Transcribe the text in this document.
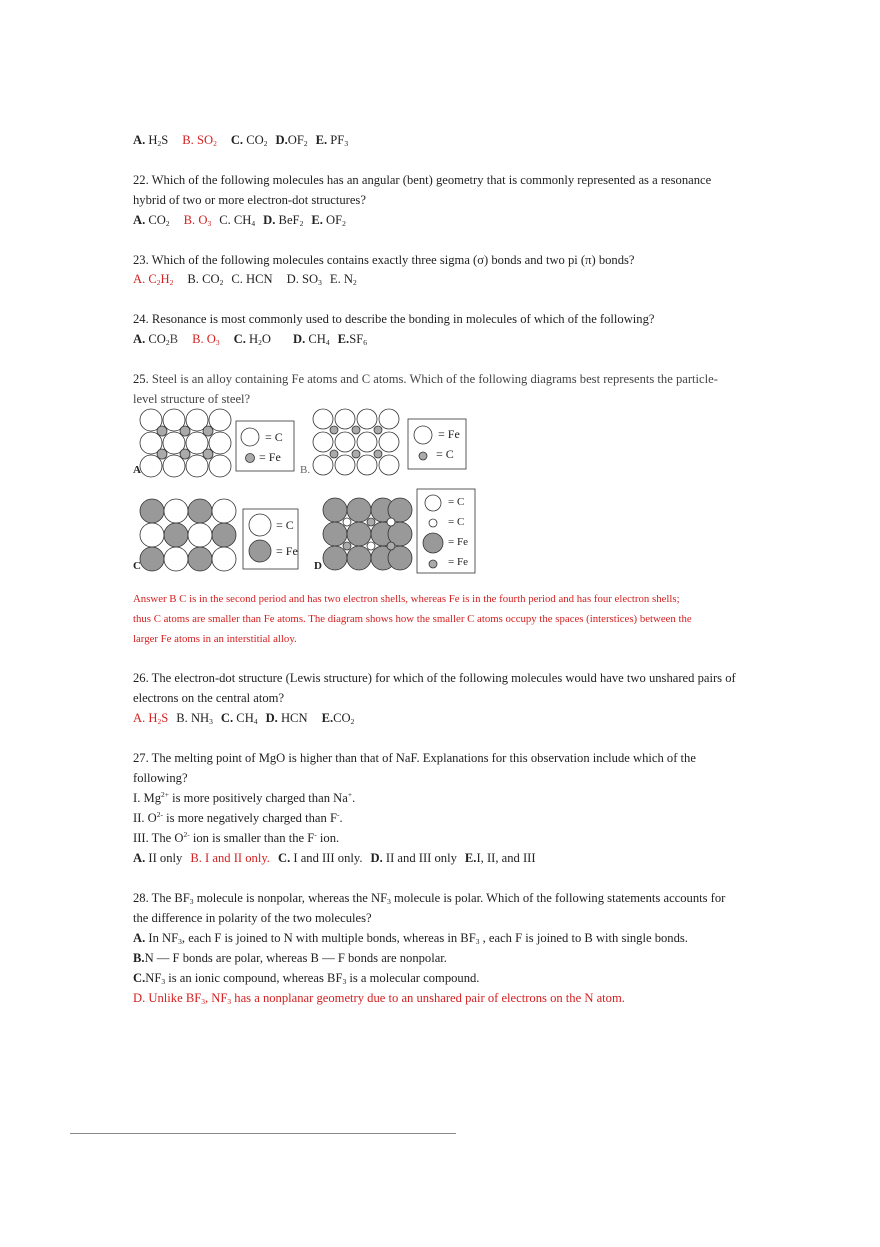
A. $H_2S$ B. $SO_2$ C. $CO_2$ $D.OF_2$ E. $PF_3$
22. Which of the following molecules has an angular (bent) geometry that is commonly represented as a resonance
hybrid of two or more electron-dot structures?
A. $CO_2$ B. $O_3$ C. $CH_4$ D. BeF$_2$ E. $OF_2$
23. Which of the following molecules contains exactly three sigma (σ) bonds and two pi (π) bonds?
A. $C_2H_2$ B. $CO_2$ C. HCN D. $SO_3$ E. $N_2$
24. Resonance is most commonly used to describe the bonding in molecules of which of the following?
A. $CO_2B$ B. $O_3$ C. $H_2O$ D. $CH_4$ $E.SF_6$
25. Steel is an alloy containing Fe atoms and C atoms. Which of the following diagrams best represents the particle-
level structure of steel?
A
= C
= Fe
B.
= Fe
= C
C
= C
= Fe
D
= C
= C
= Fe
= Fe
Answer B C is in the second period and has two electron shells, whereas Fe is in the fourth period and has four electron shells;
thus C atoms are smaller than Fe atoms. The diagram shows how the smaller C atoms occupy the spaces (interstices) between the
larger Fe atoms in an interstitial alloy.
26. The electron-dot structure (Lewis structure) for which of the following molecules would have two unshared pairs of
electrons on the central atom?
A. $H_2S$ B. $NH_3$ C. $CH_4$ D. HCN $E.CO_2$
27. The melting point of MgO is higher than that of NaF. Explanations for this observation include which of the
following?
I. $Mg^{2+}$ is more positively charged than Na+.
II. $O^{2-}$ is more negatively charged than F-.
III. The $O^{2-}$ ion is smaller than the F- ion.
A. II only B. I and II only. C. I and III only. D. II and III only E.I, II, and III
28. The $BF_3$ molecule is nonpolar, whereas the $NF_3$ molecule is polar. Which of the following statements accounts for
the difference in polarity of the two molecules?
A. In $NF_3$, each F is joined to N with multiple bonds, whereas in $BF_3$ , each F is joined to B with single bonds.
B.N — F bonds are polar, whereas B — F bonds are nonpolar.
$C.NF_3$ is an ionic compound, whereas $BF_3$ is a molecular compound.
D. Unlike $BF_3$, $NF_3$ has a nonplanar geometry due to an unshared pair of electrons on the N atom.
